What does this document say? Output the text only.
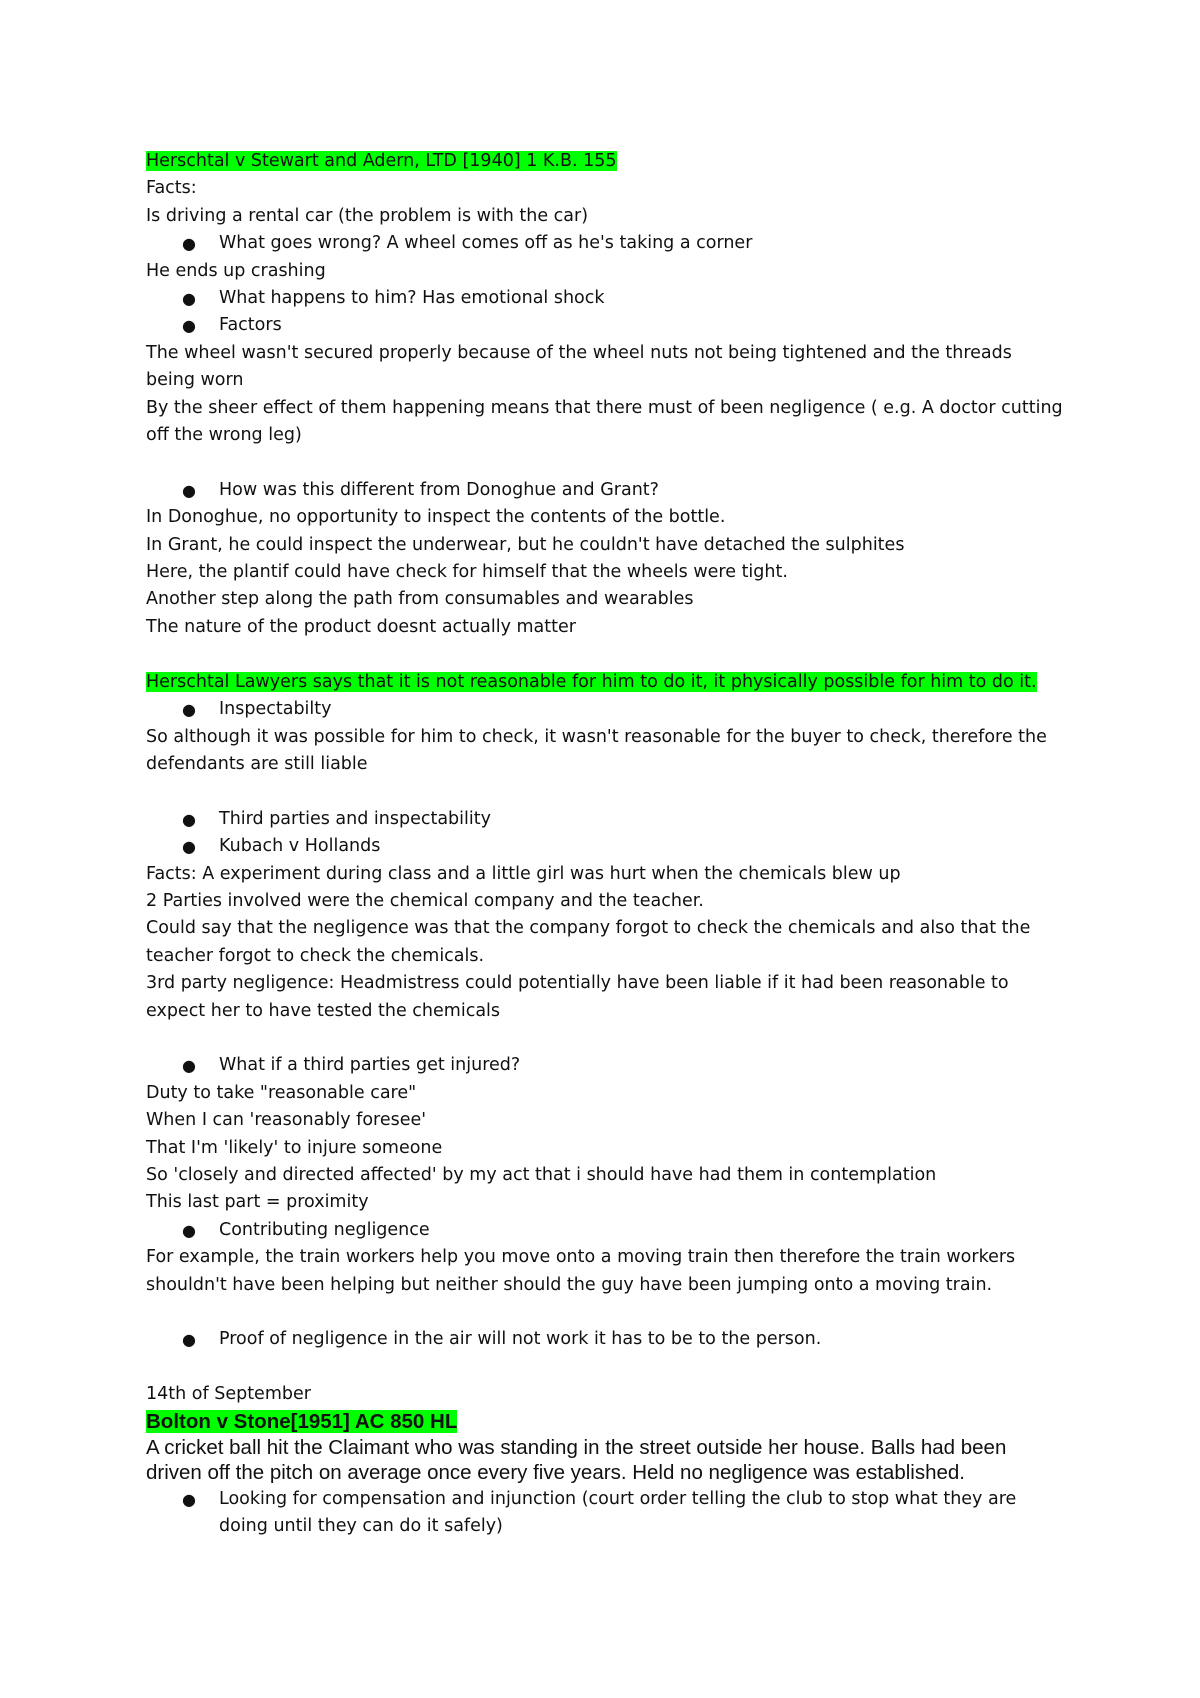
Herschtal v Stewart and Adern, LTD [1940] 1 K.B. 155
Facts:
Is driving a rental car (the problem is with the car)
● What goes wrong? A wheel comes off as he's taking a corner
He ends up crashing
● What happens to him? Has emotional shock
● Factors
The wheel wasn't secured properly because of the wheel nuts not being tightened and the threads being worn
By the sheer effect of them happening means that there must of been negligence ( e.g. A doctor cutting off the wrong leg)
● How was this different from Donoghue and Grant?
In Donoghue, no opportunity to inspect the contents of the bottle.
In Grant, he could inspect the underwear, but he couldn't have detached the sulphites
Here, the plantif could have check for himself that the wheels were tight.
Another step along the path from consumables and wearables
The nature of the product doesnt actually matter
Herschtal Lawyers says that it is not reasonable for him to do it, it physically possible for him to do it.
● Inspectabilty
So although it was possible for him to check, it wasn't reasonable for the buyer to check, therefore the defendants are still liable
● Third parties and inspectability
● Kubach v Hollands
Facts: A experiment during class and a little girl was hurt when the chemicals blew up
2 Parties involved were the chemical company and the teacher.
Could say that the negligence was that the company forgot to check the chemicals and also that the teacher forgot to check the chemicals.
3rd party negligence: Headmistress could potentially have been liable if it had been reasonable to expect her to have tested the chemicals
● What if a third parties get injured?
Duty to take "reasonable care"
When I can 'reasonably foresee'
That I'm 'likely' to injure someone
So 'closely and directed affected' by my act that i should have had them in contemplation
This last part = proximity
● Contributing negligence
For example, the train workers help you move onto a moving train then therefore the train workers shouldn't have been helping but neither should the guy have been jumping onto a moving train.
● Proof of negligence in the air will not work it has to be to the person.
14th of September
Bolton v Stone[1951] AC 850 HL
A cricket ball hit the Claimant who was standing in the street outside her house. Balls had been driven off the pitch on average once every five years. Held no negligence was established.
● Looking for compensation and injunction (court order telling the club to stop what they are doing until they can do it safely)
